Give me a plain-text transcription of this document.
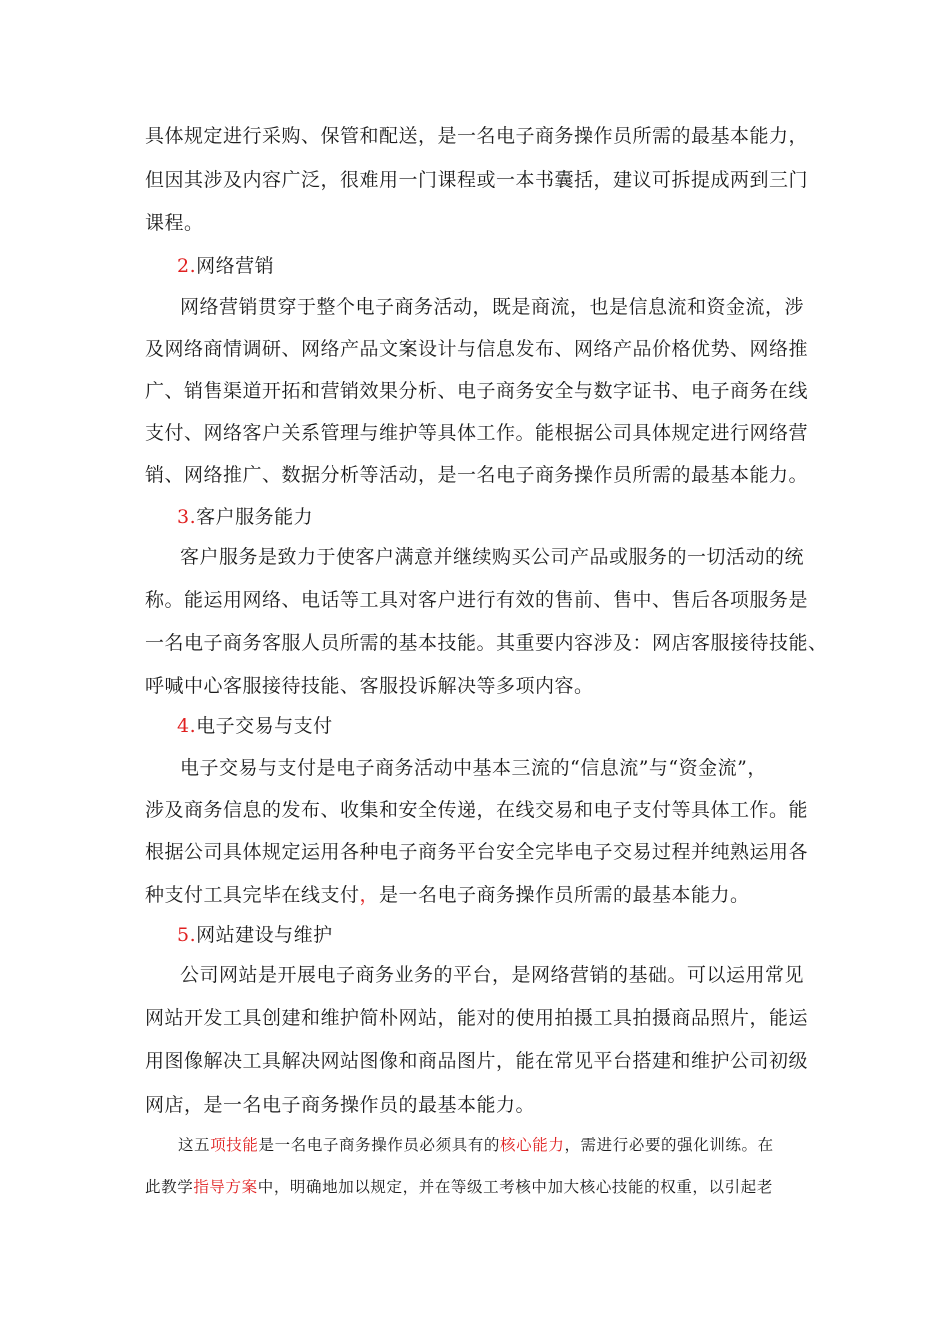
具体规定进行采购、保管和配送，是一名电子商务操作员所需的最基本能力，
但因其涉及内容广泛，很难用一门课程或一本书囊括，建议可拆提成两到三门
课程。
2.网络营销
网络营销贯穿于整个电子商务活动，既是商流，也是信息流和资金流，涉
及网络商情调研、网络产品文案设计与信息发布、网络产品价格优势、网络推
广、销售渠道开拓和营销效果分析、电子商务安全与数字证书、电子商务在线
支付、网络客户关系管理与维护等具体工作。能根据公司具体规定进行网络营
销、网络推广、数据分析等活动，是一名电子商务操作员所需的最基本能力。
3.客户服务能力
客户服务是致力于使客户满意并继续购买公司产品或服务的一切活动的统
称。能运用网络、电话等工具对客户进行有效的售前、售中、售后各项服务是
一名电子商务客服人员所需的基本技能。其重要内容涉及：网店客服接待技能、
呼喊中心客服接待技能、客服投诉解决等多项内容。
4.电子交易与支付
电子交易与支付是电子商务活动中基本三流的“信息流”与“资金流”，
涉及商务信息的发布、收集和安全传递，在线交易和电子支付等具体工作。能
根据公司具体规定运用各种电子商务平台安全完毕电子交易过程并纯熟运用各
种支付工具完毕在线支付，是一名电子商务操作员所需的最基本能力。
5.网站建设与维护
公司网站是开展电子商务业务的平台，是网络营销的基础。可以运用常见
网站开发工具创建和维护简朴网站，能对的使用拍摄工具拍摄商品照片，能运
用图像解决工具解决网站图像和商品图片，能在常见平台搭建和维护公司初级
网店，是一名电子商务操作员的最基本能力。
这五项技能是一名电子商务操作员必须具有的核心能力，需进行必要的强化训练。在
此教学指导方案中，明确地加以规定，并在等级工考核中加大核心技能的权重，以引起老
